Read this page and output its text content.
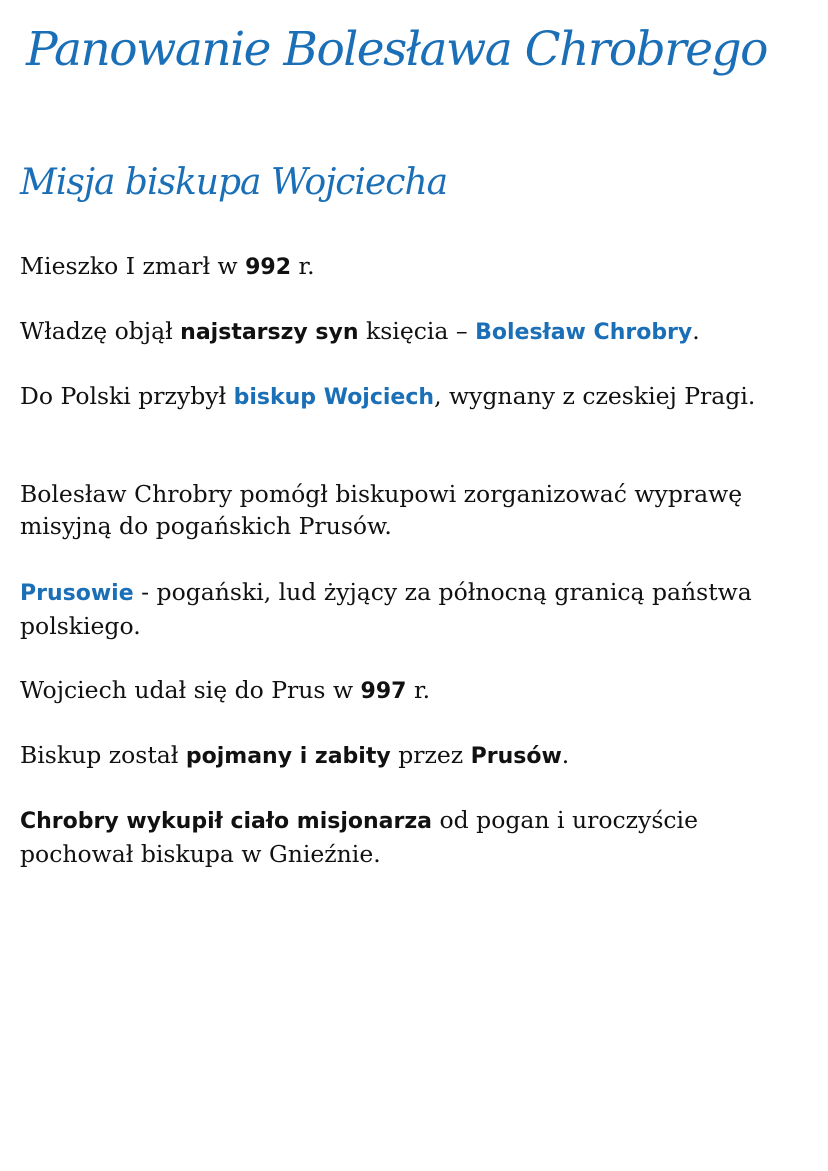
Panowanie Bolesława Chrobrego
Misja biskupa Wojciecha

Mieszko I zmarł w 992 r.

Władzę objął najstarszy syn księcia – Bolesław Chrobry.

Do Polski przybył biskup Wojciech, wygnany z czeskiej Pragi.

Bolesław Chrobry pomógł biskupowi zorganizować wyprawę misyjną do pogańskich Prusów.

Prusowie - pogański, lud żyjący za północną granicą państwa polskiego.

Wojciech udał się do Prus w 997 r.

Biskup został pojmany i zabity przez Prusów.

Chrobry wykupił ciało misjonarza od pogan i uroczyście pochował biskupa w Gnieźnie.
